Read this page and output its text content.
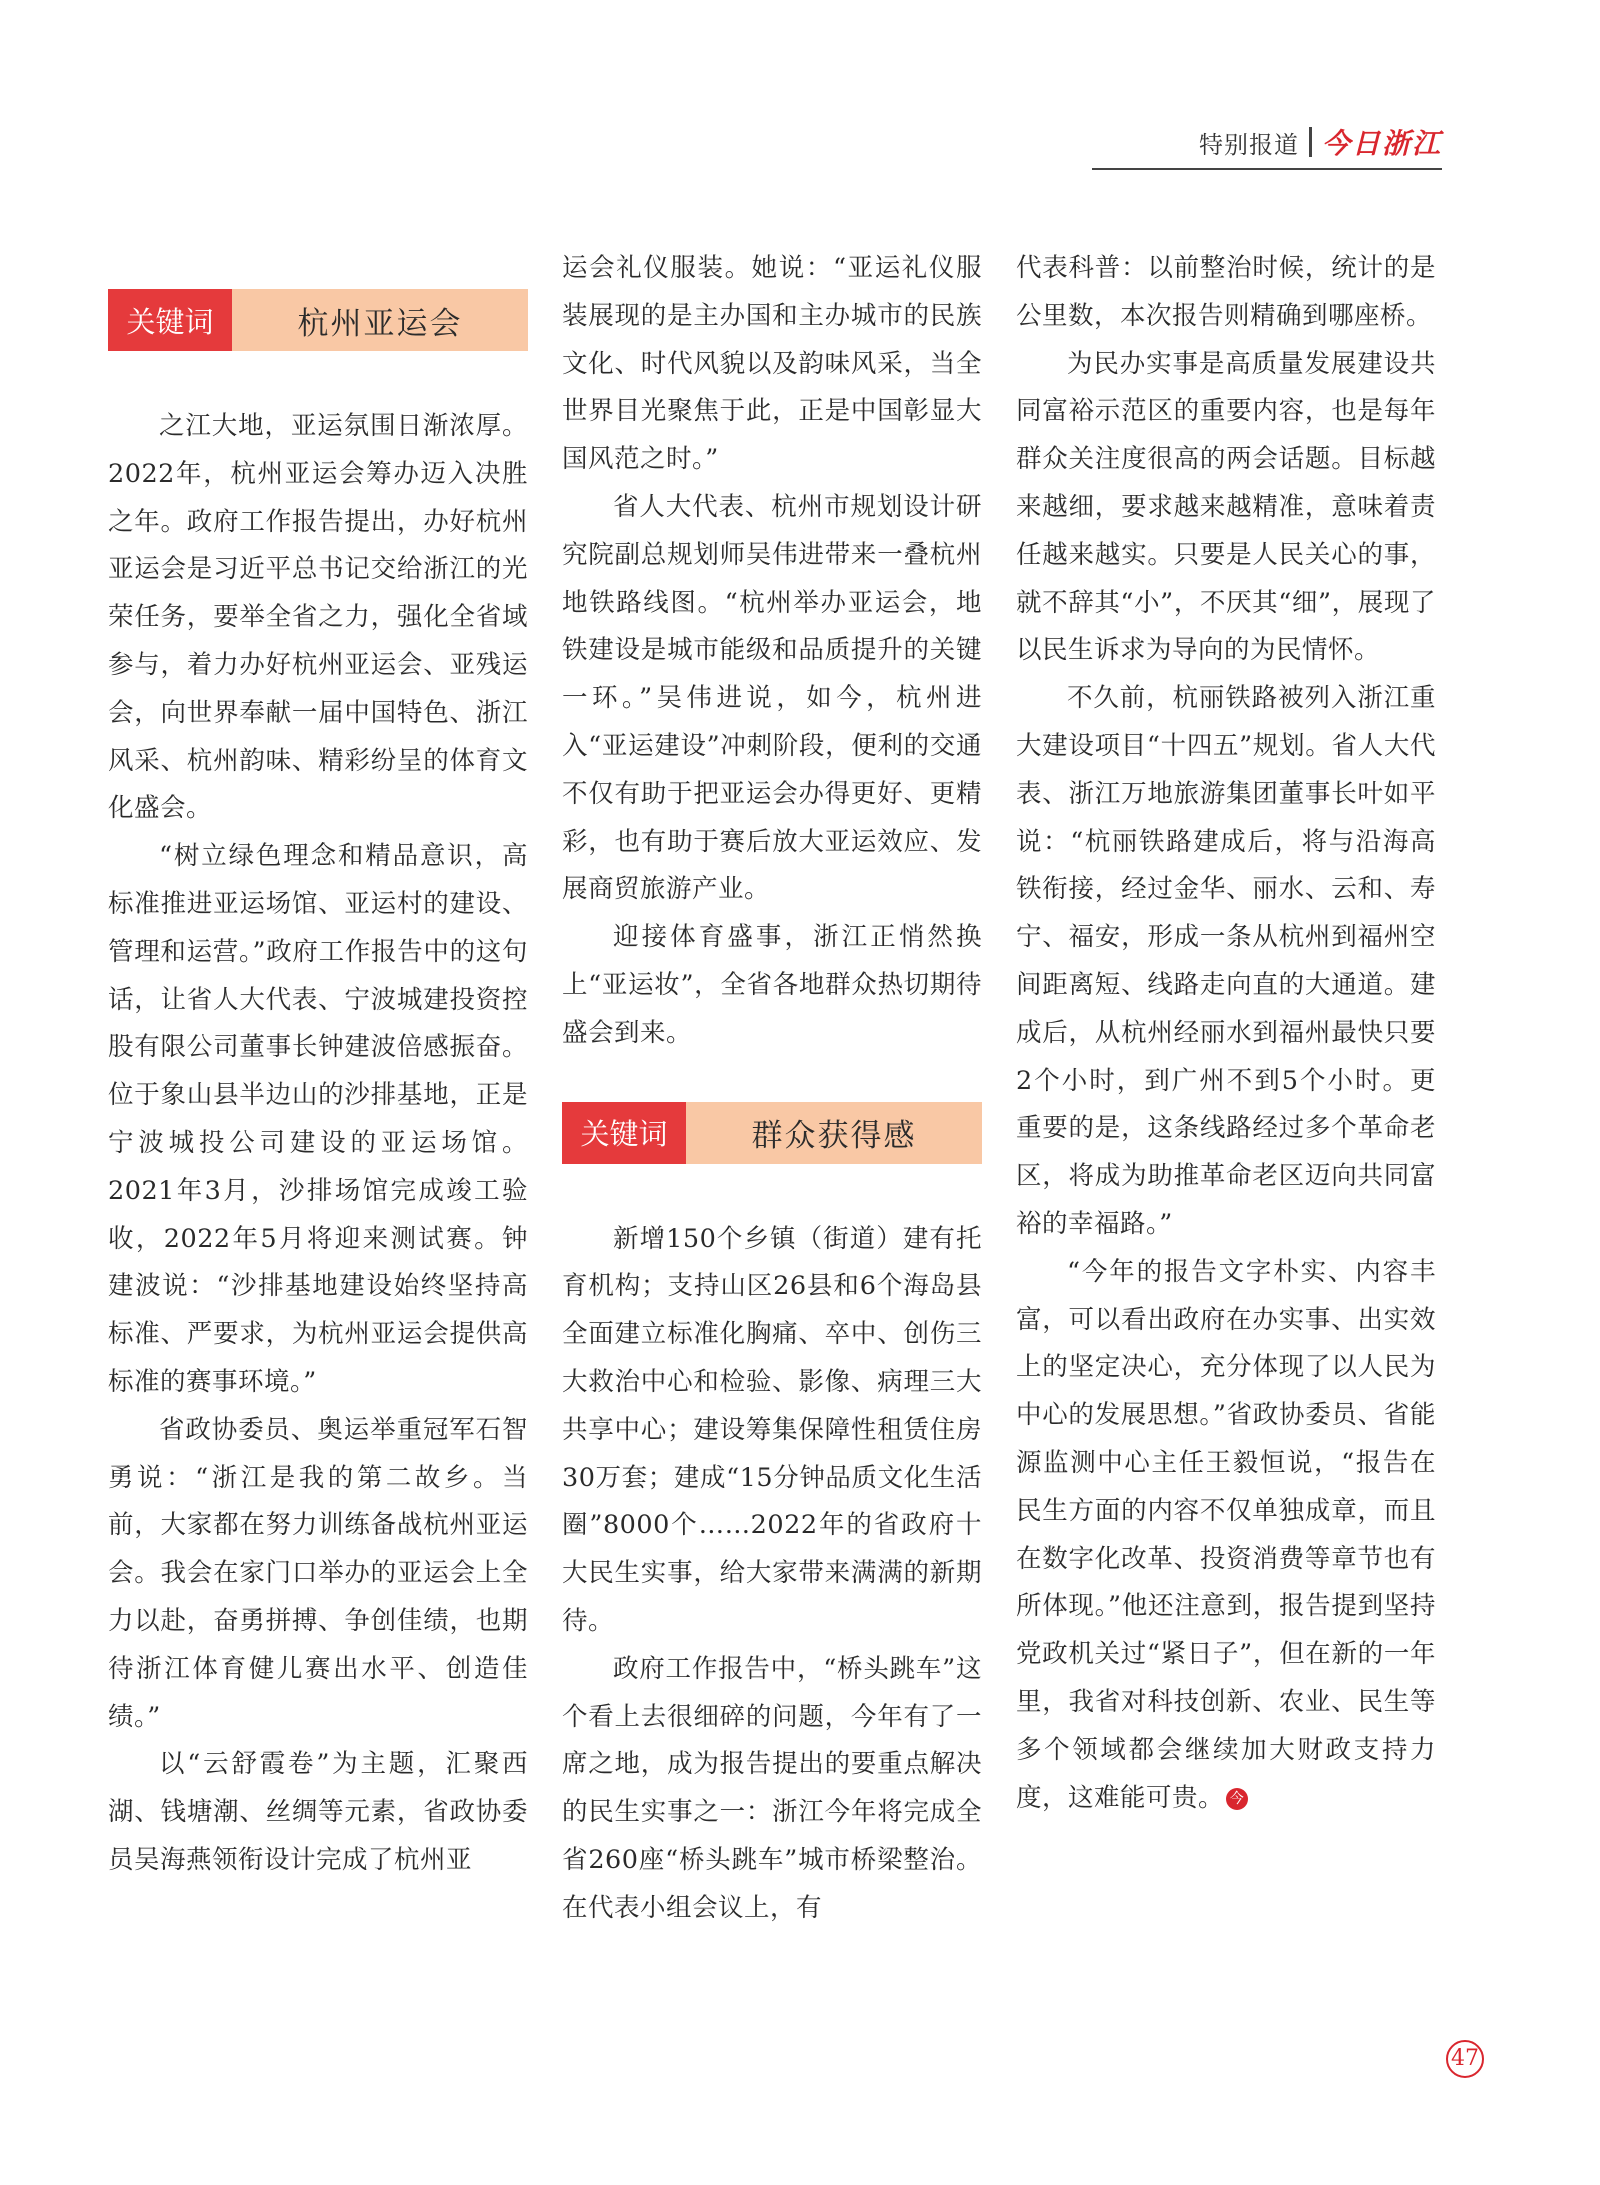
特别报道 今日浙江
关键词	杭州亚运会

之江大地，亚运氛围日渐浓厚。2022年，杭州亚运会筹办迈入决胜之年。政府工作报告提出，办好杭州亚运会是习近平总书记交给浙江的光荣任务，要举全省之力，强化全省域参与，着力办好杭州亚运会、亚残运会，向世界奉献一届中国特色、浙江风采、杭州韵味、精彩纷呈的体育文化盛会。

“树立绿色理念和精品意识，高标准推进亚运场馆、亚运村的建设、管理和运营。”政府工作报告中的这句话，让省人大代表、宁波城建投资控股有限公司董事长钟建波倍感振奋。位于象山县半边山的沙排基地，正是宁波城投公司建设的亚运场馆。2021年3月，沙排场馆完成竣工验收，2022年5月将迎来测试赛。钟建波说：“沙排基地建设始终坚持高标准、严要求，为杭州亚运会提供高标准的赛事环境。”

省政协委员、奥运举重冠军石智勇说：“浙江是我的第二故乡。当前，大家都在努力训练备战杭州亚运会。我会在家门口举办的亚运会上全力以赴，奋勇拼搏、争创佳绩，也期待浙江体育健儿赛出水平、创造佳绩。”

以“云舒霞卷”为主题，汇聚西湖、钱塘潮、丝绸等元素，省政协委员吴海燕领衔设计完成了杭州亚

运会礼仪服装。她说：“亚运礼仪服装展现的是主办国和主办城市的民族文化、时代风貌以及韵味风采，当全世界目光聚焦于此，正是中国彰显大国风范之时。”

省人大代表、杭州市规划设计研究院副总规划师吴伟进带来一叠杭州地铁路线图。“杭州举办亚运会，地铁建设是城市能级和品质提升的关键一环。”吴伟进说，如今，杭州进入“亚运建设”冲刺阶段，便利的交通不仅有助于把亚运会办得更好、更精彩，也有助于赛后放大亚运效应、发展商贸旅游产业。

迎接体育盛事，浙江正悄然换上“亚运妆”，全省各地群众热切期待盛会到来。

关键词	群众获得感

新增150个乡镇（街道）建有托育机构；支持山区26县和6个海岛县全面建立标准化胸痛、卒中、创伤三大救治中心和检验、影像、病理三大共享中心；建设筹集保障性租赁住房30万套；建成“15分钟品质文化生活圈”8000个……2022年的省政府十大民生实事，给大家带来满满的新期待。

政府工作报告中，“桥头跳车”这个看上去很细碎的问题，今年有了一席之地，成为报告提出的要重点解决的民生实事之一：浙江今年将完成全省260座“桥头跳车”城市桥梁整治。在代表小组会议上，有

代表科普：以前整治时候，统计的是公里数，本次报告则精确到哪座桥。

为民办实事是高质量发展建设共同富裕示范区的重要内容，也是每年群众关注度很高的两会话题。目标越来越细，要求越来越精准，意味着责任越来越实。只要是人民关心的事，就不辞其“小”，不厌其“细”，展现了以民生诉求为导向的为民情怀。

不久前，杭丽铁路被列入浙江重大建设项目“十四五”规划。省人大代表、浙江万地旅游集团董事长叶如平说：“杭丽铁路建成后，将与沿海高铁衔接，经过金华、丽水、云和、寿宁、福安，形成一条从杭州到福州空间距离短、线路走向直的大通道。建成后，从杭州经丽水到福州最快只要2个小时，到广州不到5个小时。更重要的是，这条线路经过多个革命老区，将成为助推革命老区迈向共同富裕的幸福路。”

“今年的报告文字朴实、内容丰富，可以看出政府在办实事、出实效上的坚定决心，充分体现了以人民为中心的发展思想。”省政协委员、省能源监测中心主任王毅恒说，“报告在民生方面的内容不仅单独成章，而且在数字化改革、投资消费等章节也有所体现。”他还注意到，报告提到坚持党政机关过“紧日子”，但在新的一年里，我省对科技创新、农业、民生等多个领域都会继续加大财政支持力度，这难能可贵。 今

47
